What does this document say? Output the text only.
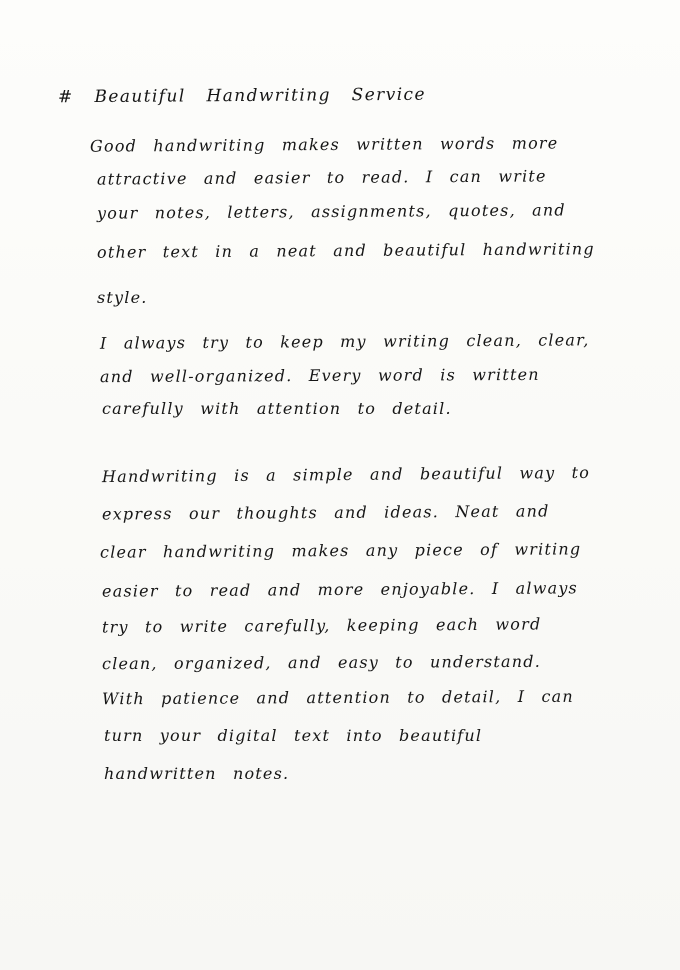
# Beautiful Handwriting Service
Good handwriting makes written words more
attractive and easier to read. I can write
your notes, letters, assignments, quotes, and
other text in a neat and beautiful handwriting
style.
I always try to keep my writing clean, clear,
and well-organized. Every word is written
carefully with attention to detail.
Handwriting is a simple and beautiful way to
express our thoughts and ideas. Neat and
clear handwriting makes any piece of writing
easier to read and more enjoyable. I always
try to write carefully, keeping each word
clean, organized, and easy to understand.
With patience and attention to detail, I can
turn your digital text into beautiful
handwritten notes.
